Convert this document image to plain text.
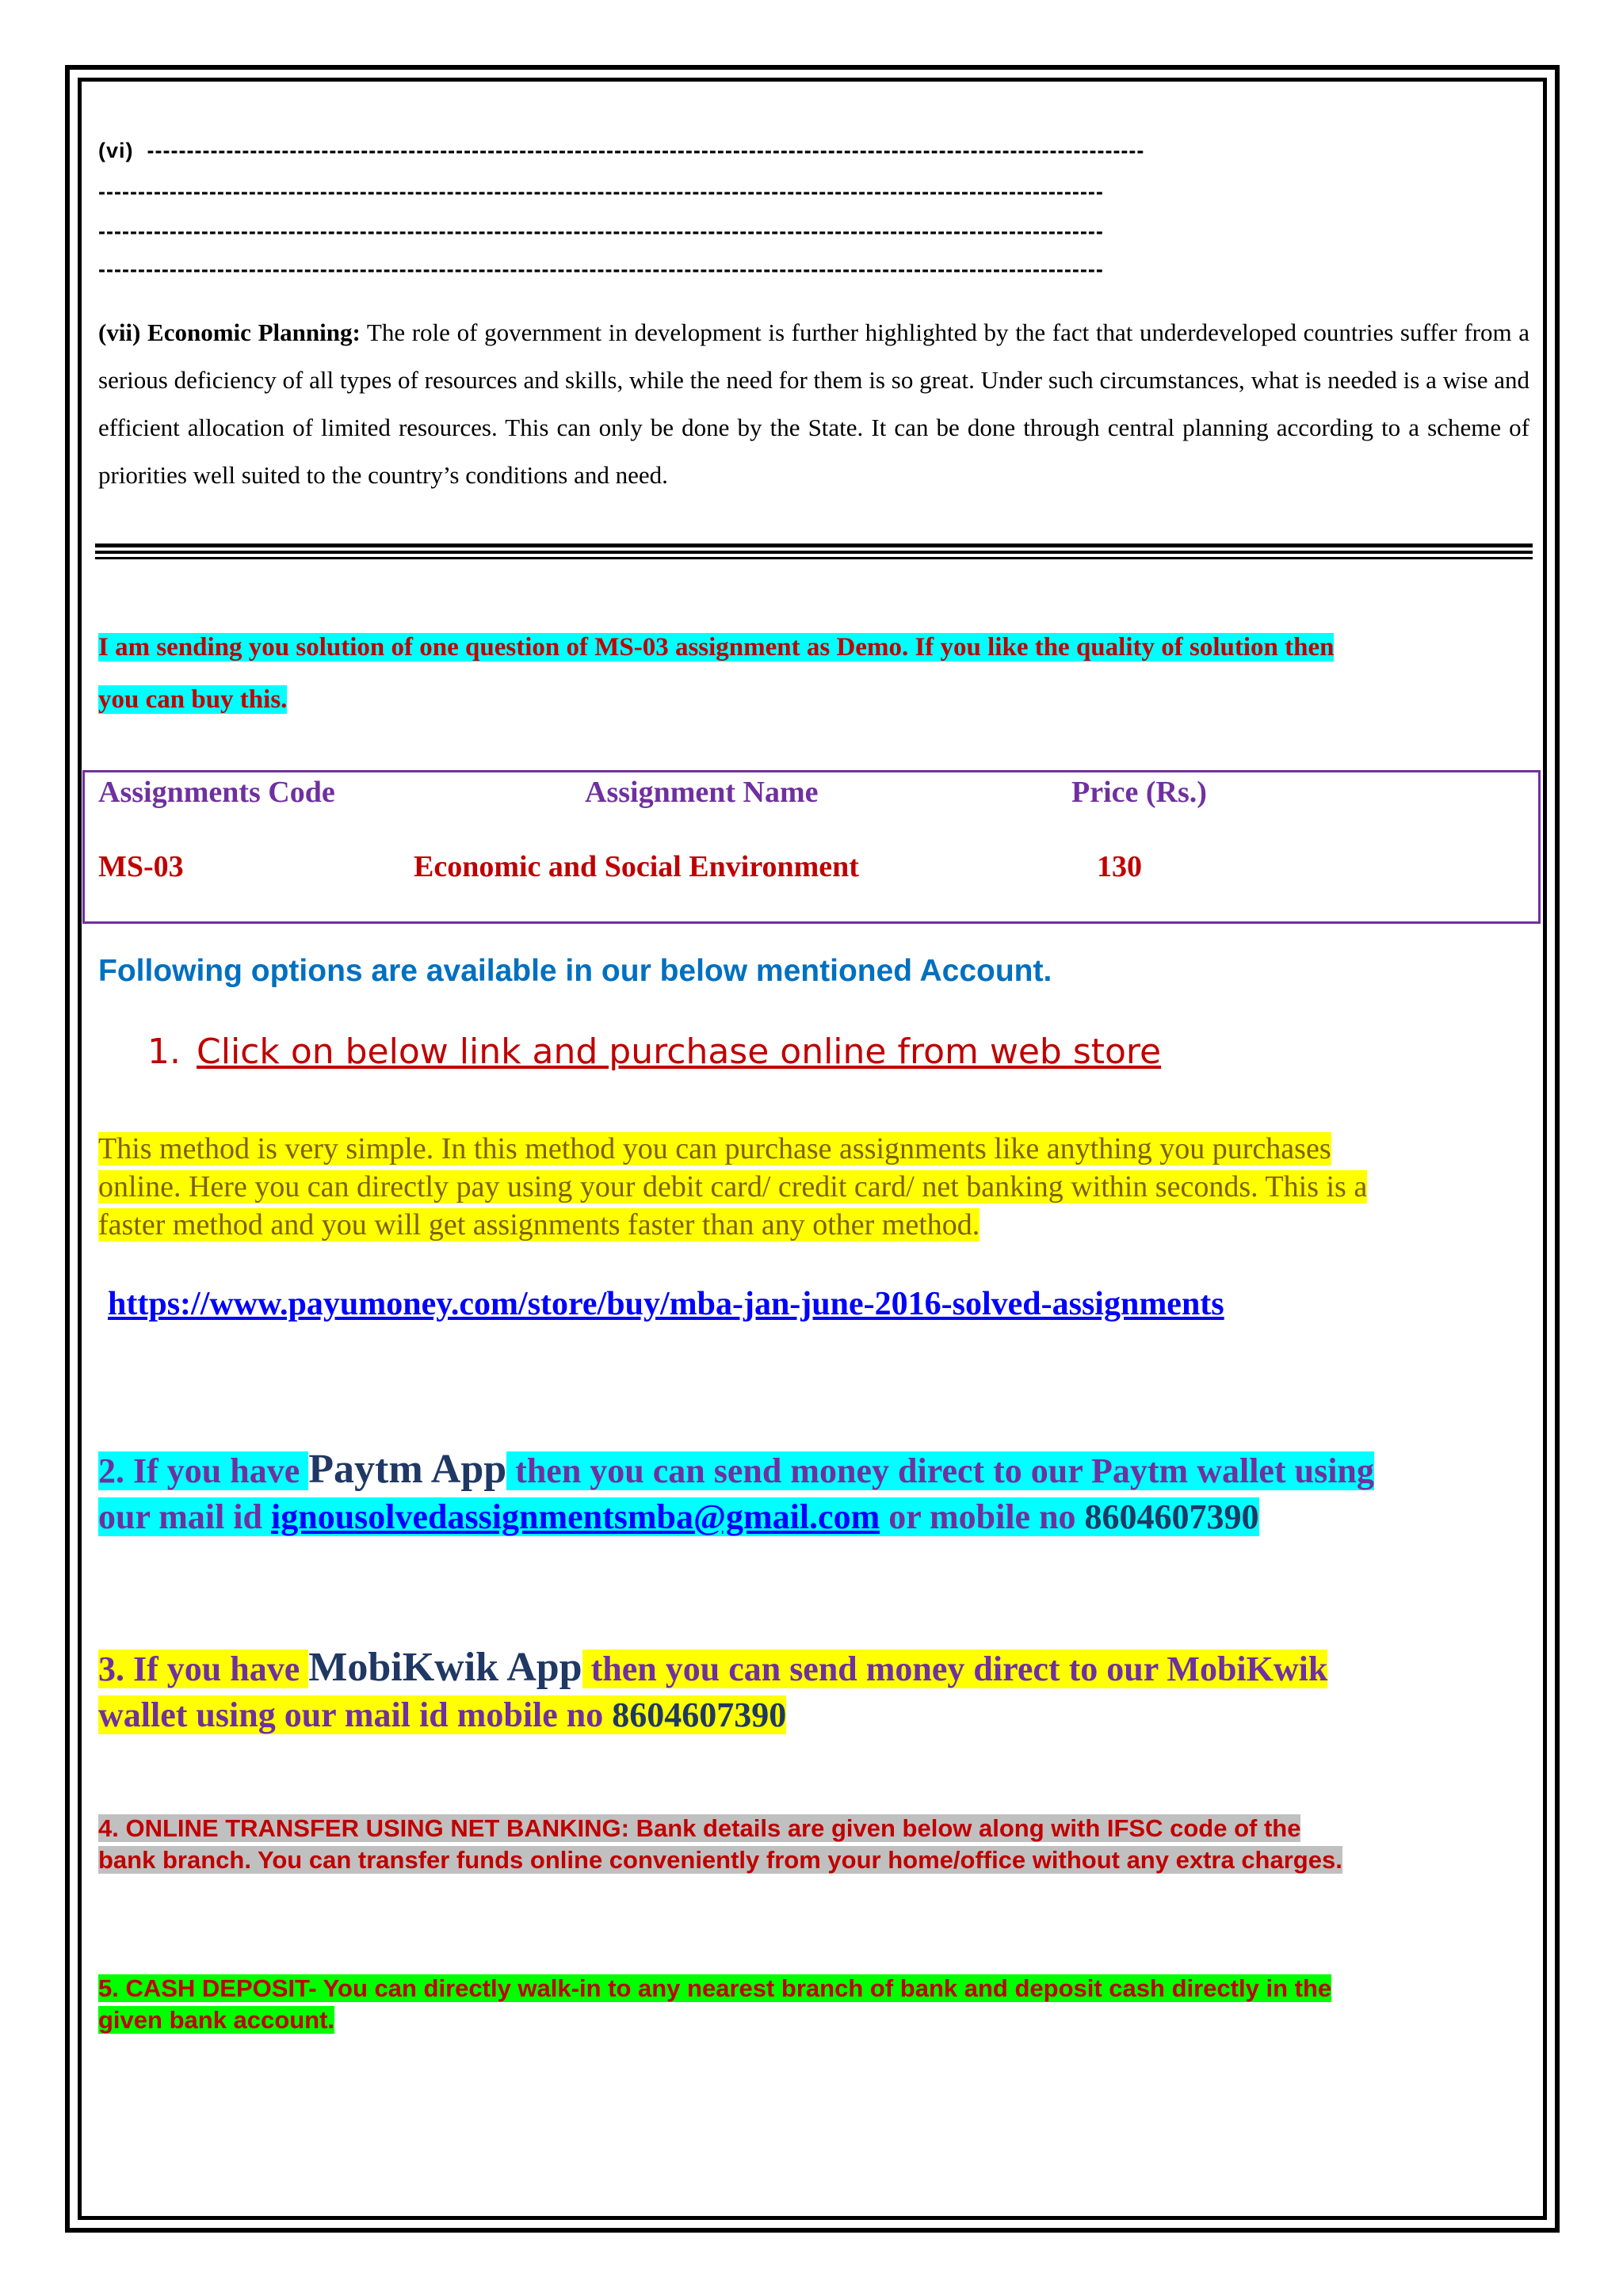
(vi) ------------------------------------------------------------------------------------------------------------------------------
-------------------------------------------------------------------------------------------------------------------------------
-------------------------------------------------------------------------------------------------------------------------------
-------------------------------------------------------------------------------------------------------------------------------
(vii) Economic Planning: The role of government in development is further highlighted by the fact that underdeveloped countries suffer from a serious deficiency of all types of resources and skills, while the need for them is so great. Under such circumstances, what is needed is a wise and efficient allocation of limited resources. This can only be done by the State. It can be done through central planning according to a scheme of priorities well suited to the country’s conditions and need.
I am sending you solution of one question of MS-03 assignment as Demo. If you like the quality of solution then
you can buy this.
Assignments Code	Assignment Name	Price (Rs.)
MS-03	Economic and Social Environment	130
Following options are available in our below mentioned Account.
1. Click on below link and purchase online from web store
This method is very simple. In this method you can purchase assignments like anything you purchases
online. Here you can directly pay using your debit card/ credit card/ net banking within seconds. This is a
faster method and you will get assignments faster than any other method.
https://www.payumoney.com/store/buy/mba-jan-june-2016-solved-assignments
2. If you have Paytm App then you can send money direct to our Paytm wallet using
our mail id ignousolvedassignmentsmba@gmail.com or mobile no 8604607390
3. If you have MobiKwik App then you can send money direct to our MobiKwik
wallet using our mail id mobile no 8604607390
4. ONLINE TRANSFER USING NET BANKING: Bank details are given below along with IFSC code of the
bank branch. You can transfer funds online conveniently from your home/office without any extra charges.
5. CASH DEPOSIT- You can directly walk-in to any nearest branch of bank and deposit cash directly in the
given bank account.
